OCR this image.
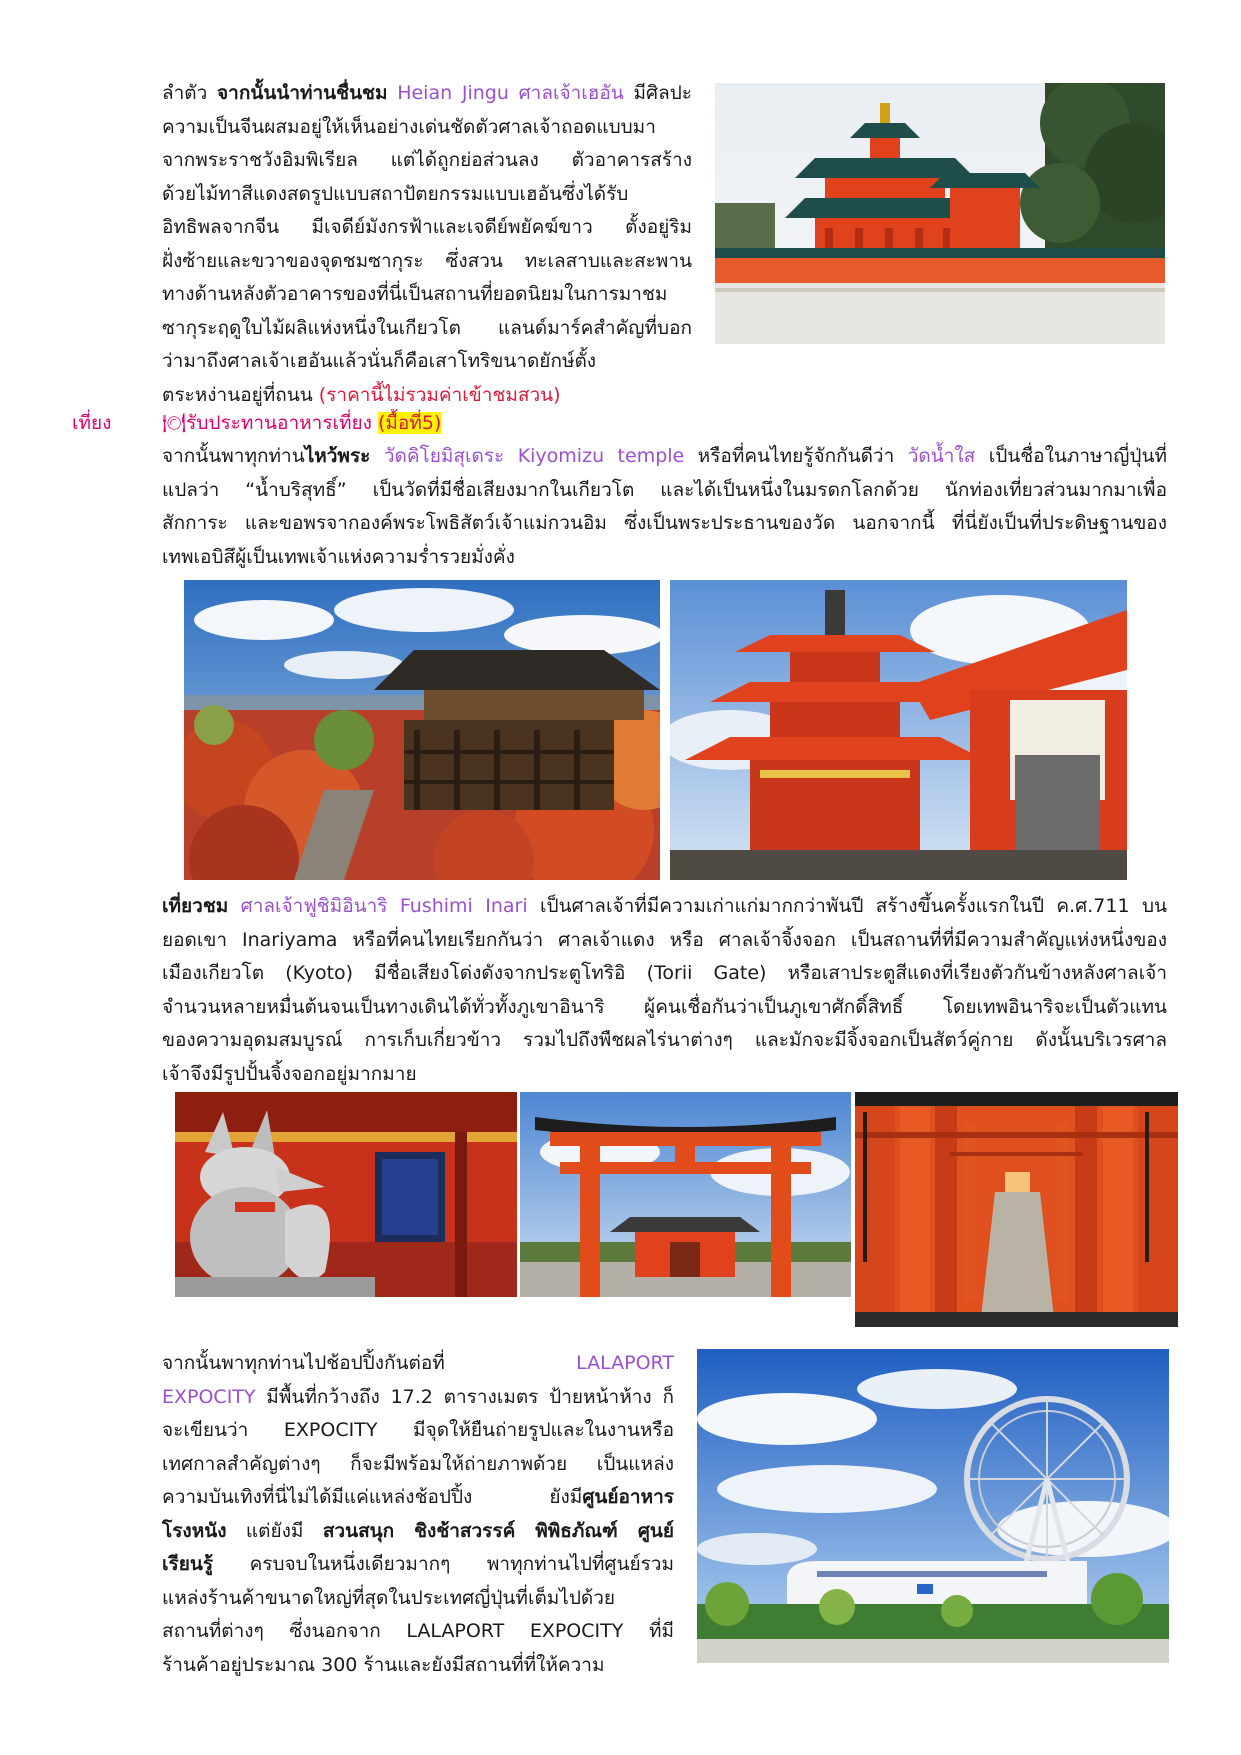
ลำตัว จากนั้นนำท่านชื่นชม Heian Jingu ศาลเจ้าเฮอัน มีศิลปะ
ความเป็นจีนผสมอยู่ให้เห็นอย่างเด่นชัดตัวศาลเจ้าถอดแบบมา
จากพระราชวังอิมพิเรียล แต่ได้ถูกย่อส่วนลง ตัวอาคารสร้าง
ด้วยไม้ทาสีแดงสดรูปแบบสถาปัตยกรรมแบบเฮอันซึ่งได้รับ
อิทธิพลจากจีน มีเจดีย์มังกรฟ้าและเจดีย์พยัคฆ์ขาว ตั้งอยู่ริม
ฝั่งซ้ายและขวาของจุดชมซากุระ ซึ่งสวน ทะเลสาบและสะพาน
ทางด้านหลังตัวอาคารของที่นี่เป็นสถานที่ยอดนิยมในการมาชม
ซากุระฤดูใบไม้ผลิแห่งหนึ่งในเกียวโต แลนด์มาร์คสำคัญที่บอก
ว่ามาถึงศาลเจ้าเฮอันแล้วนั่นก็คือเสาโทริขนาดยักษ์ตั้ง
ตระหง่านอยู่ที่ถนน (ราคานี้ไม่รวมค่าเข้าชมสวน)
เที่ยง	🍽รับประทานอาหารเที่ยง (มื้อที่5)
จากนั้นพาทุกท่านไหว้พระ วัดคิโยมิสุเดระ Kiyomizu temple หรือที่คนไทยรู้จักกันดีว่า วัดน้ำใส เป็นชื่อในภาษาญี่ปุ่นที่
แปลว่า “น้ำบริสุทธิ์” เป็นวัดที่มีชื่อเสียงมากในเกียวโต และได้เป็นหนึ่งในมรดกโลกด้วย นักท่องเที่ยวส่วนมากมาเพื่อ
สักการะ และขอพรจากองค์พระโพธิสัตว์เจ้าแม่กวนอิม ซึ่งเป็นพระประธานของวัด นอกจากนี้ ที่นี่ยังเป็นที่ประดิษฐานของ
เทพเอบิสึผู้เป็นเทพเจ้าแห่งความร่ำรวยมั่งคั่ง
เที่ยวชม ศาลเจ้าฟูชิมิอินาริ Fushimi Inari เป็นศาลเจ้าที่มีความเก่าแก่มากกว่าพันปี สร้างขึ้นครั้งแรกในปี ค.ศ.711 บน
ยอดเขา Inariyama หรือที่คนไทยเรียกกันว่า ศาลเจ้าแดง หรือ ศาลเจ้าจิ้งจอก เป็นสถานที่ที่มีความสำคัญแห่งหนึ่งของ
เมืองเกียวโต (Kyoto) มีชื่อเสียงโด่งดังจากประตูโทริอิ (Torii Gate) หรือเสาประตูสีแดงที่เรียงตัวกันข้างหลังศาลเจ้า
จำนวนหลายหมื่นต้นจนเป็นทางเดินได้ทั่วทั้งภูเขาอินาริ ผู้คนเชื่อกันว่าเป็นภูเขาศักดิ์สิทธิ์ โดยเทพอินาริจะเป็นตัวแทน
ของความอุดมสมบูรณ์ การเก็บเกี่ยวข้าว รวมไปถึงพืชผลไร่นาต่างๆ และมักจะมีจิ้งจอกเป็นสัตว์คู่กาย ดังนั้นบริเวรศาล
เจ้าจึงมีรูปปั้นจิ้งจอกอยู่มากมาย
จากนั้นพาทุกท่านไปช้อปปิ้งกันต่อที่ LALAPORT
EXPOCITY มีพื้นที่กว้างถึง 17.2 ตารางเมตร ป้ายหน้าห้าง ก็
จะเขียนว่า EXPOCITY มีจุดให้ยืนถ่ายรูปและในงานหรือ
เทศกาลสำคัญต่างๆ ก็จะมีพร้อมให้ถ่ายภาพด้วย เป็นแหล่ง
ความบันเทิงที่นี่ไม่ได้มีแค่แหล่งช้อปปิ้ง ยังมีศูนย์อาหาร
โรงหนัง แต่ยังมี สวนสนุก ชิงช้าสวรรค์ พิพิธภัณฑ์ ศูนย์
เรียนรู้ ครบจบในหนึ่งเดียวมากๆ พาทุกท่านไปที่ศูนย์รวม
แหล่งร้านค้าขนาดใหญ่ที่สุดในประเทศญี่ปุ่นที่เต็มไปด้วย
สถานที่ต่างๆ ซึ่งนอกจาก LALAPORT EXPOCITY ที่มี
ร้านค้าอยู่ประมาณ 300 ร้านและยังมีสถานที่ที่ให้ความ
